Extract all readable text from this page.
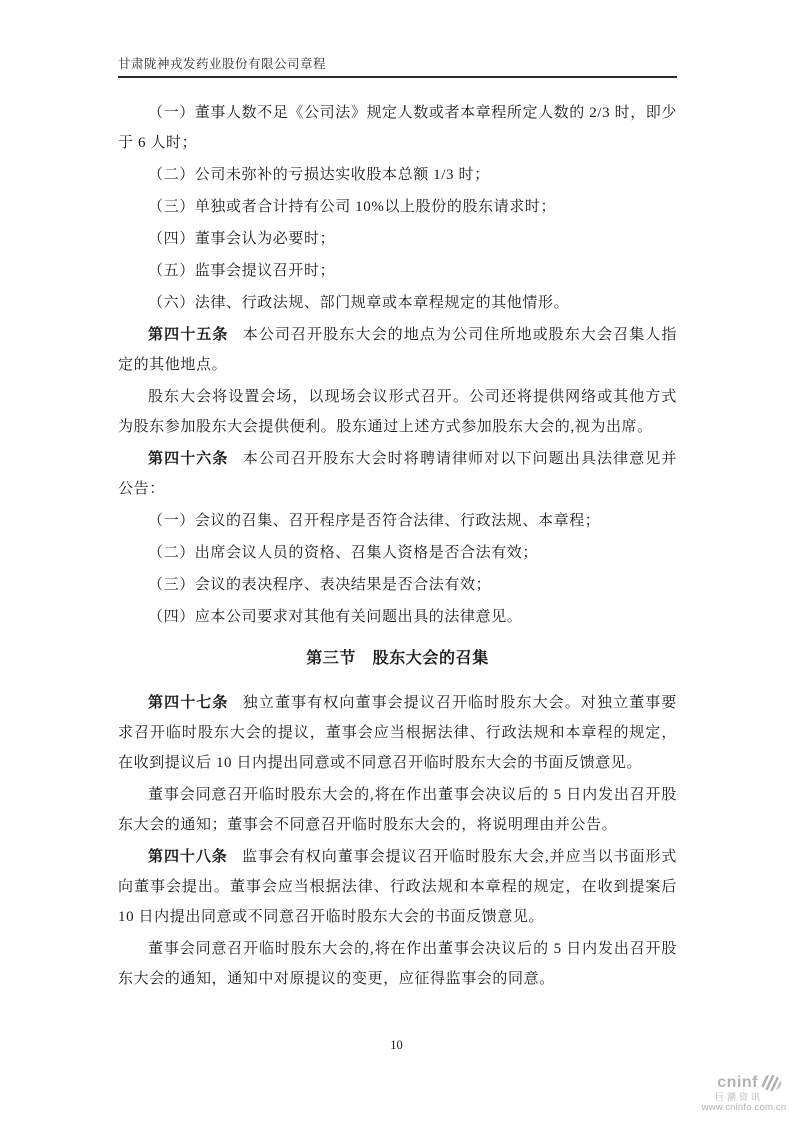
甘肃陇神戎发药业股份有限公司章程

（一）董事人数不足《公司法》规定人数或者本章程所定人数的 2/3 时，即少于 6 人时；

（二）公司未弥补的亏损达实收股本总额 1/3 时；

（三）单独或者合计持有公司 10%以上股份的股东请求时；

（四）董事会认为必要时；

（五）监事会提议召开时；

（六）法律、行政法规、部门规章或本章程规定的其他情形。

第四十五条 本公司召开股东大会的地点为公司住所地或股东大会召集人指定的其他地点。

股东大会将设置会场，以现场会议形式召开。公司还将提供网络或其他方式为股东参加股东大会提供便利。股东通过上述方式参加股东大会的,视为出席。

第四十六条 本公司召开股东大会时将聘请律师对以下问题出具法律意见并公告：

（一）会议的召集、召开程序是否符合法律、行政法规、本章程；

（二）出席会议人员的资格、召集人资格是否合法有效；

（三）会议的表决程序、表决结果是否合法有效；

（四）应本公司要求对其他有关问题出具的法律意见。

第三节　股东大会的召集

第四十七条 独立董事有权向董事会提议召开临时股东大会。对独立董事要求召开临时股东大会的提议，董事会应当根据法律、行政法规和本章程的规定，在收到提议后 10 日内提出同意或不同意召开临时股东大会的书面反馈意见。

董事会同意召开临时股东大会的,将在作出董事会决议后的 5 日内发出召开股东大会的通知；董事会不同意召开临时股东大会的，将说明理由并公告。

第四十八条 监事会有权向董事会提议召开临时股东大会,并应当以书面形式向董事会提出。董事会应当根据法律、行政法规和本章程的规定，在收到提案后 10 日内提出同意或不同意召开临时股东大会的书面反馈意见。

董事会同意召开临时股东大会的,将在作出董事会决议后的 5 日内发出召开股东大会的通知，通知中对原提议的变更，应征得监事会的同意。

10
cninf
巨潮资讯
www.cninfo.com.cn
